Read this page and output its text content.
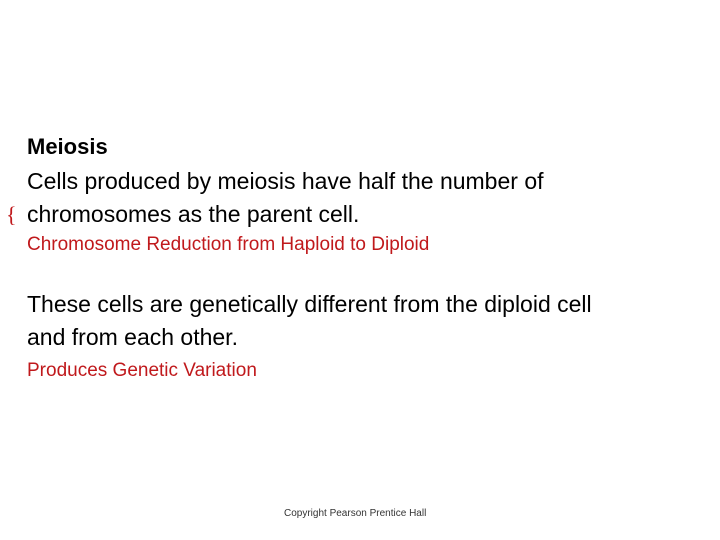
Meiosis
Cells produced by meiosis have half the number of
{ chromosomes as the parent cell.
Chromosome Reduction from Haploid to Diploid
These cells are genetically different from the diploid cell
and from each other.
Produces Genetic Variation
Copyright Pearson Prentice Hall
